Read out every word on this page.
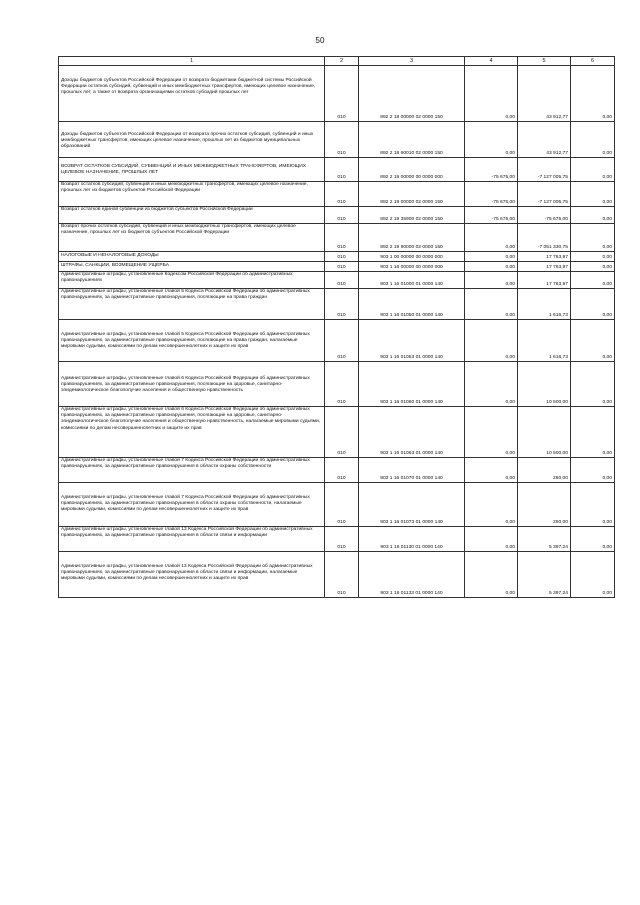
50
1	2	3	4	5	6
Доходы бюджетов субъектов Российской Федерации от возврата бюджетами бюджетной системы Российской Федерации остатков субсидий, субвенций и иных межбюджетных трансфертов, имеющих целевое назначение, прошлых лет, а также от возврата организациями остатков субсидий прошлых лет	010	892 2 18 00000 02 0000 150	0,00	43 912,77	0,00
Доходы бюджетов субъектов Российской Федерации от возврата прочих остатков субсидий, субвенций и иных межбюджетных трансфертов, имеющих целевое назначение, прошлых лет из бюджетов муниципальных образований	010	892 2 18 60010 02 0000 150	0,00	43 912,77	0,00
ВОЗВРАТ ОСТАТКОВ СУБСИДИЙ, СУБВЕНЦИЙ И ИНЫХ МЕЖБЮДЖЕТНЫХ ТРАНСФЕРТОВ, ИМЕЮЩИХ ЦЕЛЕВОЕ НАЗНАЧЕНИЕ, ПРОШЛЫХ ЛЕТ	010	892 2 19 00000 00 0000 000	-75 675,00	-7 127 005,75	0,00
Возврат остатков субсидий, субвенций и иных межбюджетных трансфертов, имеющих целевое назначение, прошлых лет из бюджетов субъектов Российской Федерации	010	892 2 19 00000 02 0000 150	-75 675,00	-7 127 005,75	0,00
Возврат остатков единой субвенции из бюджетов субъектов Российской Федерации	010	892 2 19 35900 02 0000 150	-75 675,00	-75 675,00	0,00
Возврат прочих остатков субсидий, субвенций и иных межбюджетных трансфертов, имеющих целевое назначение, прошлых лет из бюджетов субъектов Российской Федерации	010	892 2 19 90000 02 0000 150	0,00	-7 051 330,75	0,00
НАЛОГОВЫЕ И НЕНАЛОГОВЫЕ ДОХОДЫ	010	903 1 00 00000 00 0000 000	0,00	17 763,97	0,00
ШТРАФЫ, САНКЦИИ, ВОЗМЕЩЕНИЕ УЩЕРБА	010	903 1 16 00000 00 0000 000	0,00	17 763,97	0,00
Административные штрафы, установленные Кодексом Российской Федерации об административных правонарушениях	010	903 1 16 01000 01 0000 140	0,00	17 763,97	0,00
Административные штрафы, установленные главой 5 Кодекса Российской Федерации об административных правонарушениях, за административные правонарушения, посягающие на права граждан	010	903 1 16 01050 01 0000 140	0,00	1 616,73	0,00
Административные штрафы, установленные главой 5 Кодекса Российской Федерации об административных правонарушениях, за административные правонарушения, посягающие на права граждан, налагаемые мировыми судьями, комиссиями по делам несовершеннолетних и защите их прав	010	903 1 16 01053 01 0000 140	0,00	1 616,73	0,00
Административные штрафы, установленные главой 6 Кодекса Российской Федерации об административных правонарушениях, за административные правонарушения, посягающие на здоровье, санитарно-эпидемиологическое благополучие населения и общественную нравственность	010	903 1 16 01060 01 0000 140	0,00	10 500,00	0,00
Административные штрафы, установленные главой 6 Кодекса Российской Федерации об административных правонарушениях, за административные правонарушения, посягающие на здоровье, санитарно-эпидемиологическое благополучие населения и общественную нравственность, налагаемые мировыми судьями, комиссиями по делам несовершеннолетних и защите их прав	010	903 1 16 01063 01 0000 140	0,00	10 500,00	0,00
Административные штрафы, установленные главой 7 Кодекса Российской Федерации об административных правонарушениях, за административные правонарушения в области охраны собственности	010	903 1 16 01070 01 0000 140	0,00	250,00	0,00
Административные штрафы, установленные главой 7 Кодекса Российской Федерации об административных правонарушениях, за административные правонарушения в области охраны собственности, налагаемые мировыми судьями, комиссиями по делам несовершеннолетних и защите их прав	010	903 1 16 01073 01 0000 140	0,00	250,00	0,00
Административные штрафы, установленные главой 13 Кодекса Российской Федерации об административных правонарушениях, за административные правонарушения в области связи и информации	010	903 1 16 01130 01 0000 140	0,00	5 397,24	0,00
Административные штрафы, установленные главой 13 Кодекса Российской Федерации об административных правонарушениях, за административные правонарушения в области связи и информации, налагаемые мировыми судьями, комиссиями по делам несовершеннолетних и защите их прав	010	903 1 16 01133 01 0000 140	0,00	5 397,24	0,00
